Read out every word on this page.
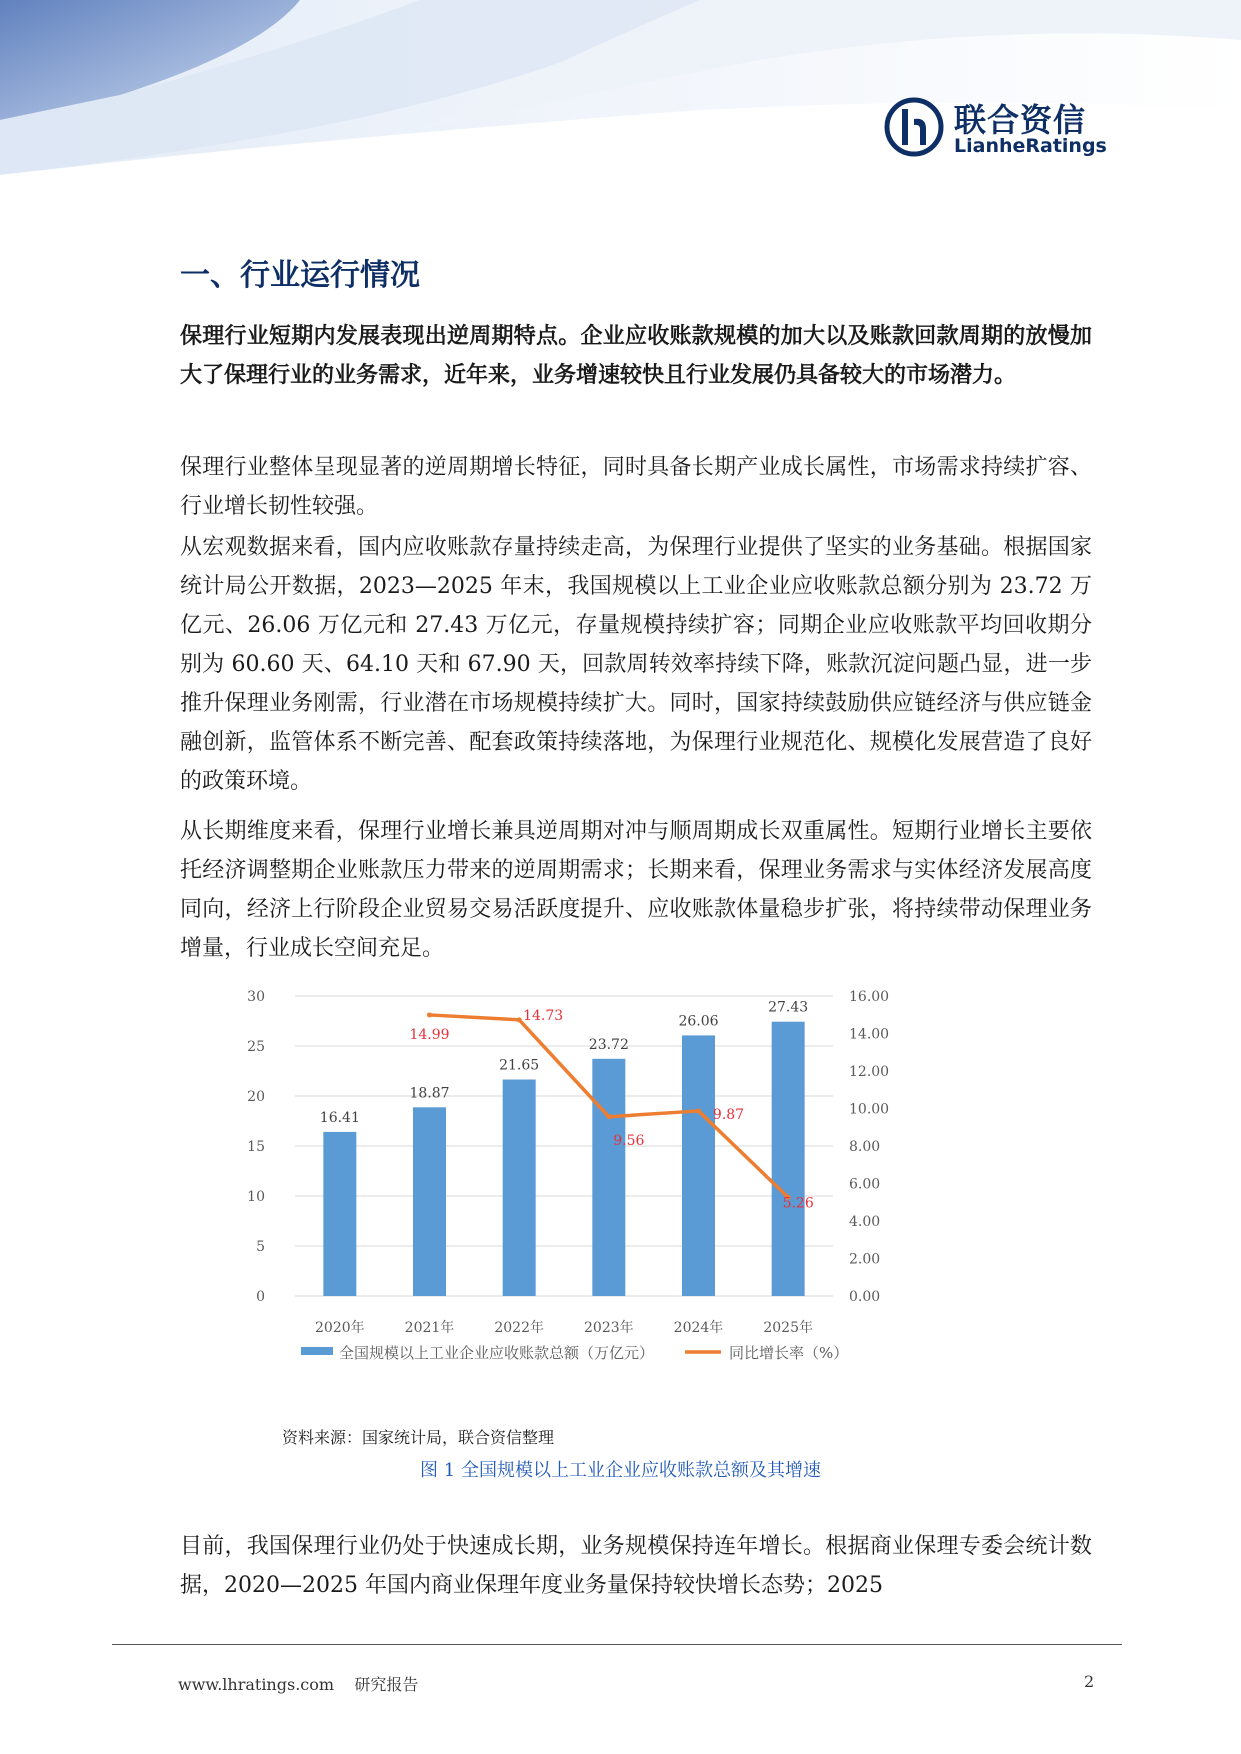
联合资信
LianheRatings
一、行业运行情况

保理行业短期内发展表现出逆周期特点。企业应收账款规模的加大以及账款回款周期的放慢加大了保理行业的业务需求，近年来，业务增速较快且行业发展仍具备较大的市场潜力。

保理行业整体呈现显著的逆周期增长特征，同时具备长期产业成长属性，市场需求持续扩容、行业增长韧性较强。

从宏观数据来看，国内应收账款存量持续走高，为保理行业提供了坚实的业务基础。根据国家统计局公开数据，2023—2025 年末，我国规模以上工业企业应收账款总额分别为 23.72 万亿元、26.06 万亿元和 27.43 万亿元，存量规模持续扩容；同期企业应收账款平均回收期分别为 60.60 天、64.10 天和 67.90 天，回款周转效率持续下降，账款沉淀问题凸显，进一步推升保理业务刚需，行业潜在市场规模持续扩大。同时，国家持续鼓励供应链经济与供应链金融创新，监管体系不断完善、配套政策持续落地，为保理行业规范化、规模化发展营造了良好的政策环境。

从长期维度来看，保理行业增长兼具逆周期对冲与顺周期成长双重属性。短期行业增长主要依托经济调整期企业账款压力带来的逆周期需求；长期来看，保理业务需求与实体经济发展高度同向，经济上行阶段企业贸易交易活跃度提升、应收账款体量稳步扩张，将持续带动保理业务增量，行业成长空间充足。

0
5
10
15
20
25
30
0.00
2.00
4.00
6.00
8.00
10.00
12.00
14.00
16.00
16.41
2020年
18.87
2021年
21.65
2022年
23.72
2023年
26.06
2024年
27.43
2025年
14.99
14.73
9.56
9.87
5.26
全国规模以上工业企业应收账款总额（万亿元）	同比增长率（%）
资料来源：国家统计局，联合资信整理
图 1 全国规模以上工业企业应收账款总额及其增速

目前，我国保理行业仍处于快速成长期，业务规模保持连年增长。根据商业保理专委会统计数据，2020—2025 年国内商业保理年度业务量保持较快增长态势；2025

www.lhratings.com 研究报告	2
